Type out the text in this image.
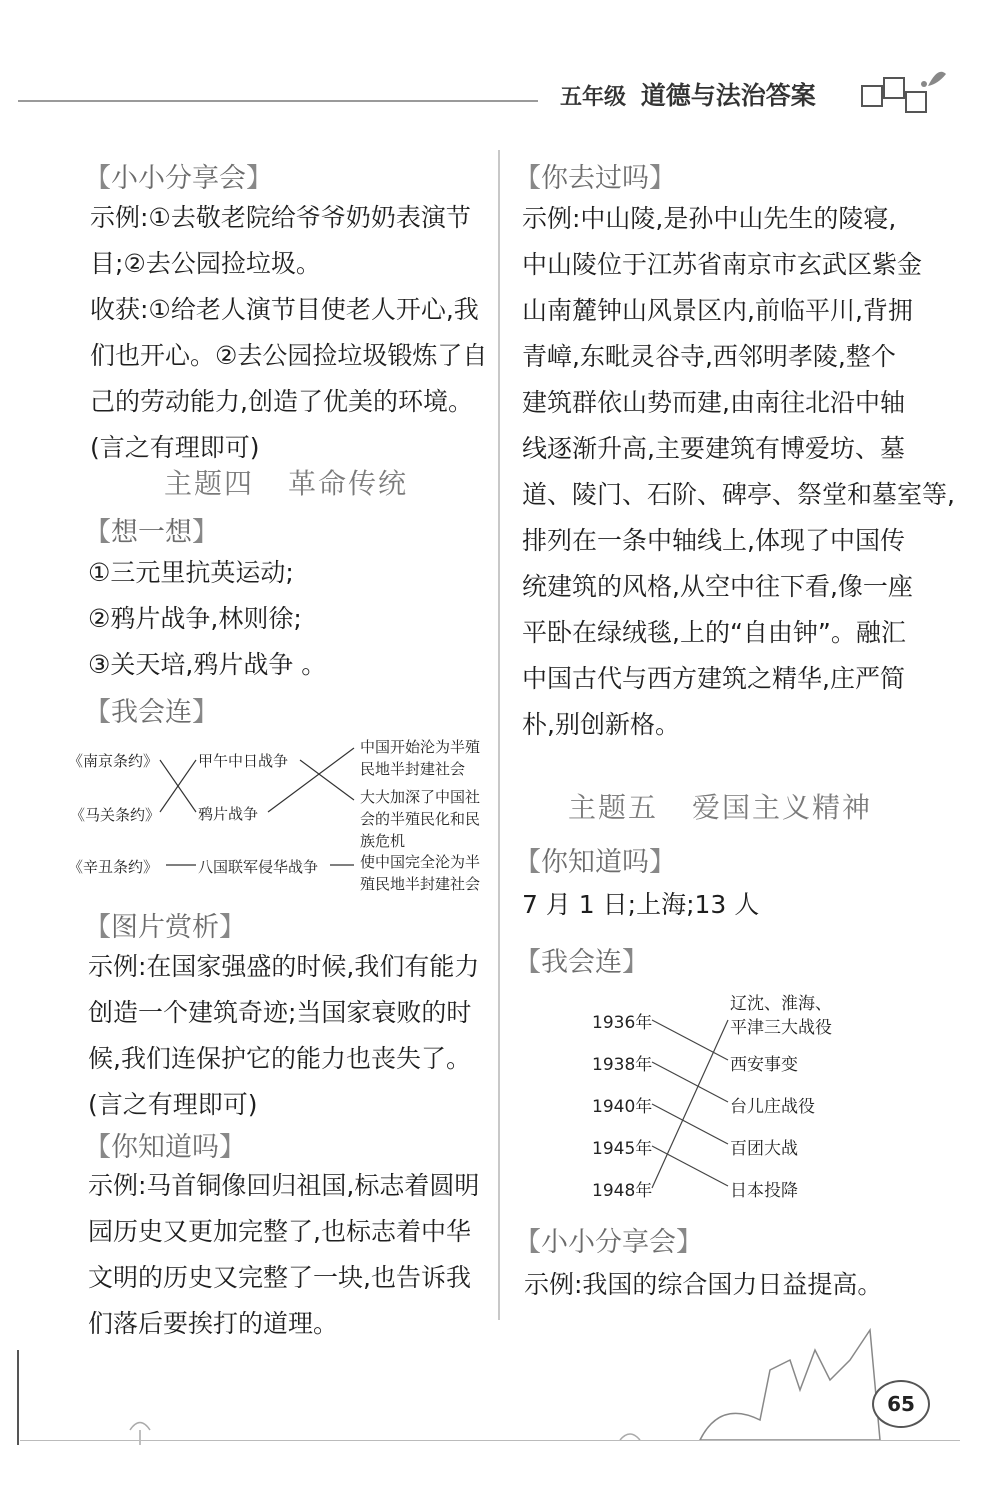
五年级 道德与法治答案
【小小分享会】
示例:①去敬老院给爷爷奶奶表演节
目;②去公园捡垃圾。
收获:①给老人演节目使老人开心,我
们也开心。②去公园捡垃圾锻炼了自
己的劳动能力,创造了优美的环境。
(言之有理即可)
主题四 革命传统
【想一想】
①三元里抗英运动;
②鸦片战争,林则徐;
③关天培,鸦片战争 。
【我会连】
《南京条约》
《马关条约》
《辛丑条约》
甲午中日战争
鸦片战争
八国联军侵华战争
中国开始沦为半殖
民地半封建社会
大大加深了中国社
会的半殖民化和民
族危机
使中国完全沦为半
殖民地半封建社会
【图片赏析】
示例:在国家强盛的时候,我们有能力
创造一个建筑奇迹;当国家衰败的时
候,我们连保护它的能力也丧失了。
(言之有理即可)
【你知道吗】
示例:马首铜像回归祖国,标志着圆明
园历史又更加完整了,也标志着中华
文明的历史又完整了一块,也告诉我
们落后要挨打的道理。
【你去过吗】
示例:中山陵,是孙中山先生的陵寝,
中山陵位于江苏省南京市玄武区紫金
山南麓钟山风景区内,前临平川,背拥
青嶂,东毗灵谷寺,西邻明孝陵,整个
建筑群依山势而建,由南往北沿中轴
线逐渐升高,主要建筑有博爱坊、墓
道、陵门、石阶、碑亭、祭堂和墓室等,
排列在一条中轴线上,体现了中国传
统建筑的风格,从空中往下看,像一座
平卧在绿绒毯,上的“自由钟”。融汇
中国古代与西方建筑之精华,庄严简
朴,别创新格。
主题五 爱国主义精神
【你知道吗】
7 月 1 日;上海;13 人
【我会连】
1936年
1938年
1940年
1945年
1948年
辽沈、淮海、
平津三大战役
西安事变
台儿庄战役
百团大战
日本投降
【小小分享会】
示例:我国的综合国力日益提高。
65
